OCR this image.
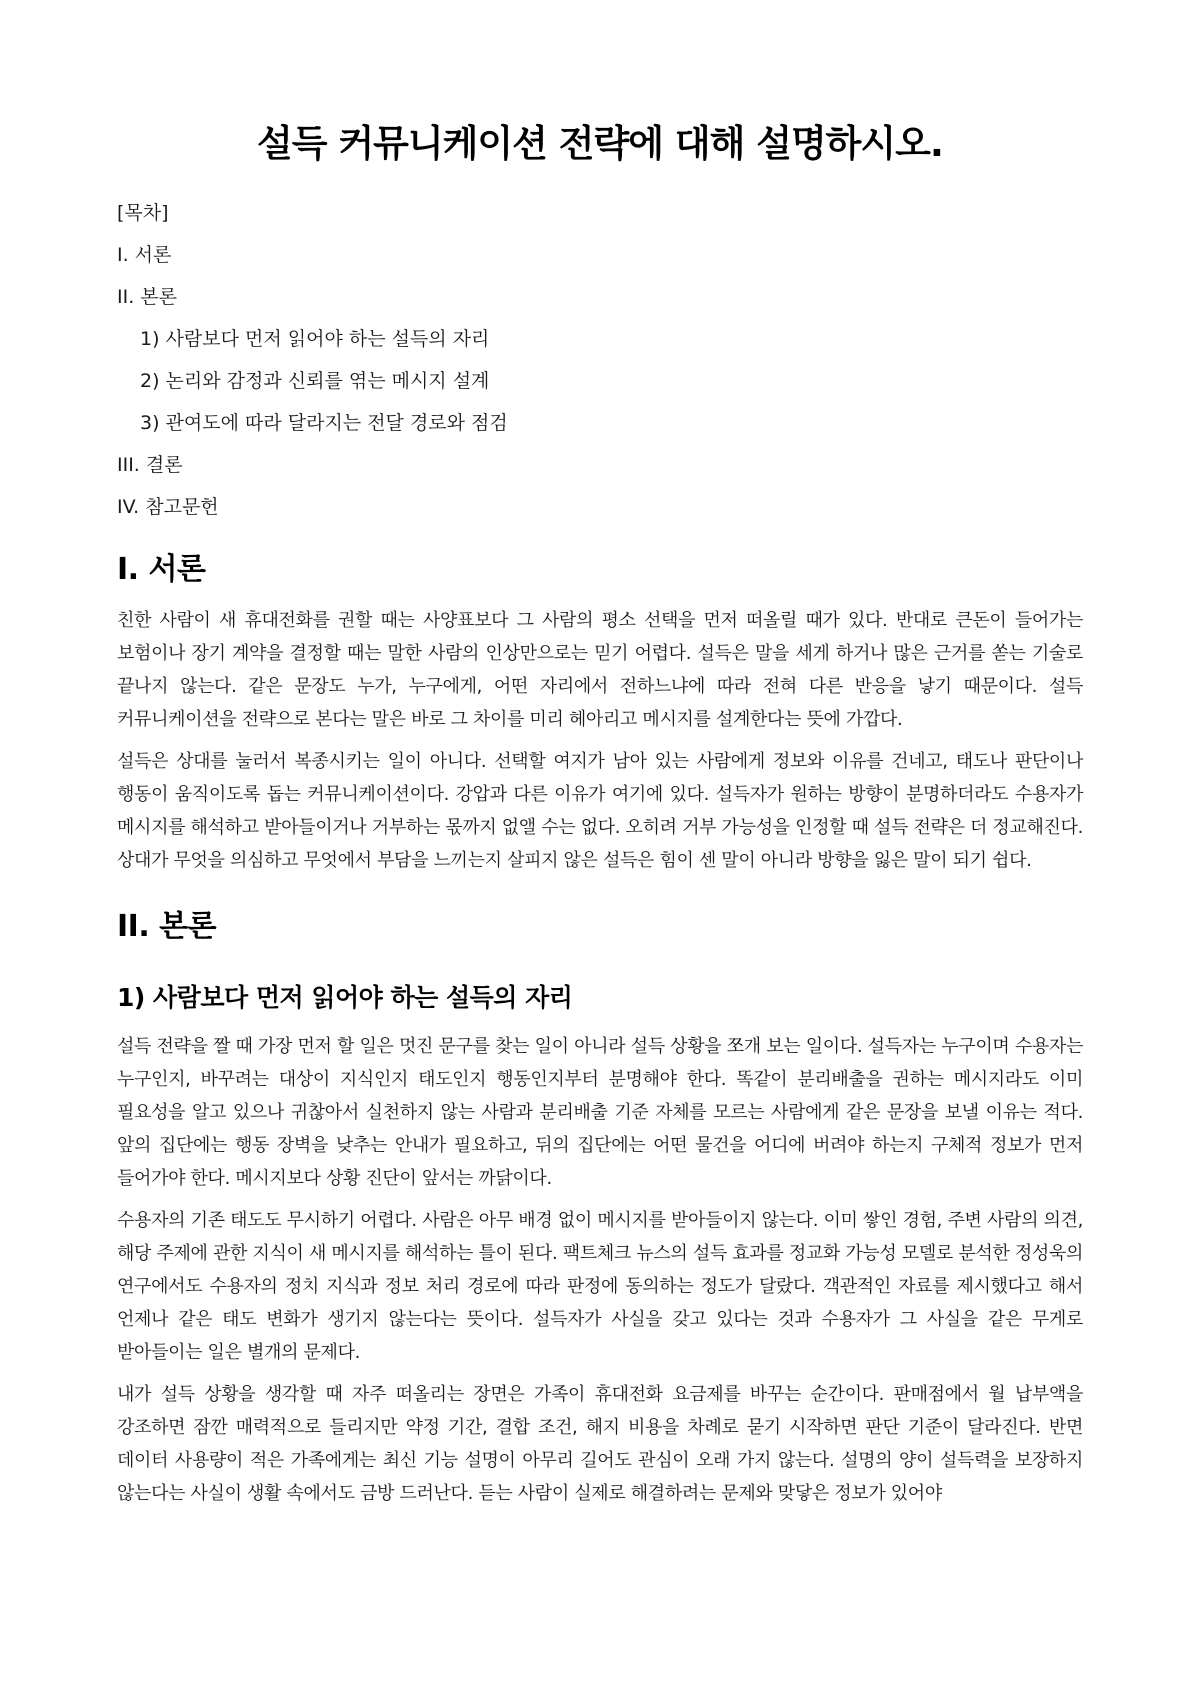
설득 커뮤니케이션 전략에 대해 설명하시오.
[목차]
I. 서론
II. 본론
1) 사람보다 먼저 읽어야 하는 설득의 자리
2) 논리와 감정과 신뢰를 엮는 메시지 설계
3) 관여도에 따라 달라지는 전달 경로와 점검
III. 결론
IV. 참고문헌
I. 서론

친한 사람이 새 휴대전화를 권할 때는 사양표보다 그 사람의 평소 선택을 먼저 떠올릴 때가 있다. 반대로 큰돈이 들어가는 보험이나 장기 계약을 결정할 때는 말한 사람의 인상만으로는 믿기 어렵다. 설득은 말을 세게 하거나 많은 근거를 쏟는 기술로 끝나지 않는다. 같은 문장도 누가, 누구에게, 어떤 자리에서 전하느냐에 따라 전혀 다른 반응을 낳기 때문이다. 설득 커뮤니케이션을 전략으로 본다는 말은 바로 그 차이를 미리 헤아리고 메시지를 설계한다는 뜻에 가깝다.

설득은 상대를 눌러서 복종시키는 일이 아니다. 선택할 여지가 남아 있는 사람에게 정보와 이유를 건네고, 태도나 판단이나 행동이 움직이도록 돕는 커뮤니케이션이다. 강압과 다른 이유가 여기에 있다. 설득자가 원하는 방향이 분명하더라도 수용자가 메시지를 해석하고 받아들이거나 거부하는 몫까지 없앨 수는 없다. 오히려 거부 가능성을 인정할 때 설득 전략은 더 정교해진다. 상대가 무엇을 의심하고 무엇에서 부담을 느끼는지 살피지 않은 설득은 힘이 센 말이 아니라 방향을 잃은 말이 되기 쉽다.

II. 본론
1) 사람보다 먼저 읽어야 하는 설득의 자리

설득 전략을 짤 때 가장 먼저 할 일은 멋진 문구를 찾는 일이 아니라 설득 상황을 쪼개 보는 일이다. 설득자는 누구이며 수용자는 누구인지, 바꾸려는 대상이 지식인지 태도인지 행동인지부터 분명해야 한다. 똑같이 분리배출을 권하는 메시지라도 이미 필요성을 알고 있으나 귀찮아서 실천하지 않는 사람과 분리배출 기준 자체를 모르는 사람에게 같은 문장을 보낼 이유는 적다. 앞의 집단에는 행동 장벽을 낮추는 안내가 필요하고, 뒤의 집단에는 어떤 물건을 어디에 버려야 하는지 구체적 정보가 먼저 들어가야 한다. 메시지보다 상황 진단이 앞서는 까닭이다.

수용자의 기존 태도도 무시하기 어렵다. 사람은 아무 배경 없이 메시지를 받아들이지 않는다. 이미 쌓인 경험, 주변 사람의 의견, 해당 주제에 관한 지식이 새 메시지를 해석하는 틀이 된다. 팩트체크 뉴스의 설득 효과를 정교화 가능성 모델로 분석한 정성욱의 연구에서도 수용자의 정치 지식과 정보 처리 경로에 따라 판정에 동의하는 정도가 달랐다. 객관적인 자료를 제시했다고 해서 언제나 같은 태도 변화가 생기지 않는다는 뜻이다. 설득자가 사실을 갖고 있다는 것과 수용자가 그 사실을 같은 무게로 받아들이는 일은 별개의 문제다.

내가 설득 상황을 생각할 때 자주 떠올리는 장면은 가족이 휴대전화 요금제를 바꾸는 순간이다. 판매점에서 월 납부액을 강조하면 잠깐 매력적으로 들리지만 약정 기간, 결합 조건, 해지 비용을 차례로 묻기 시작하면 판단 기준이 달라진다. 반면 데이터 사용량이 적은 가족에게는 최신 기능 설명이 아무리 길어도 관심이 오래 가지 않는다. 설명의 양이 설득력을 보장하지 않는다는 사실이 생활 속에서도 금방 드러난다. 듣는 사람이 실제로 해결하려는 문제와 맞닿은 정보가 있어야
